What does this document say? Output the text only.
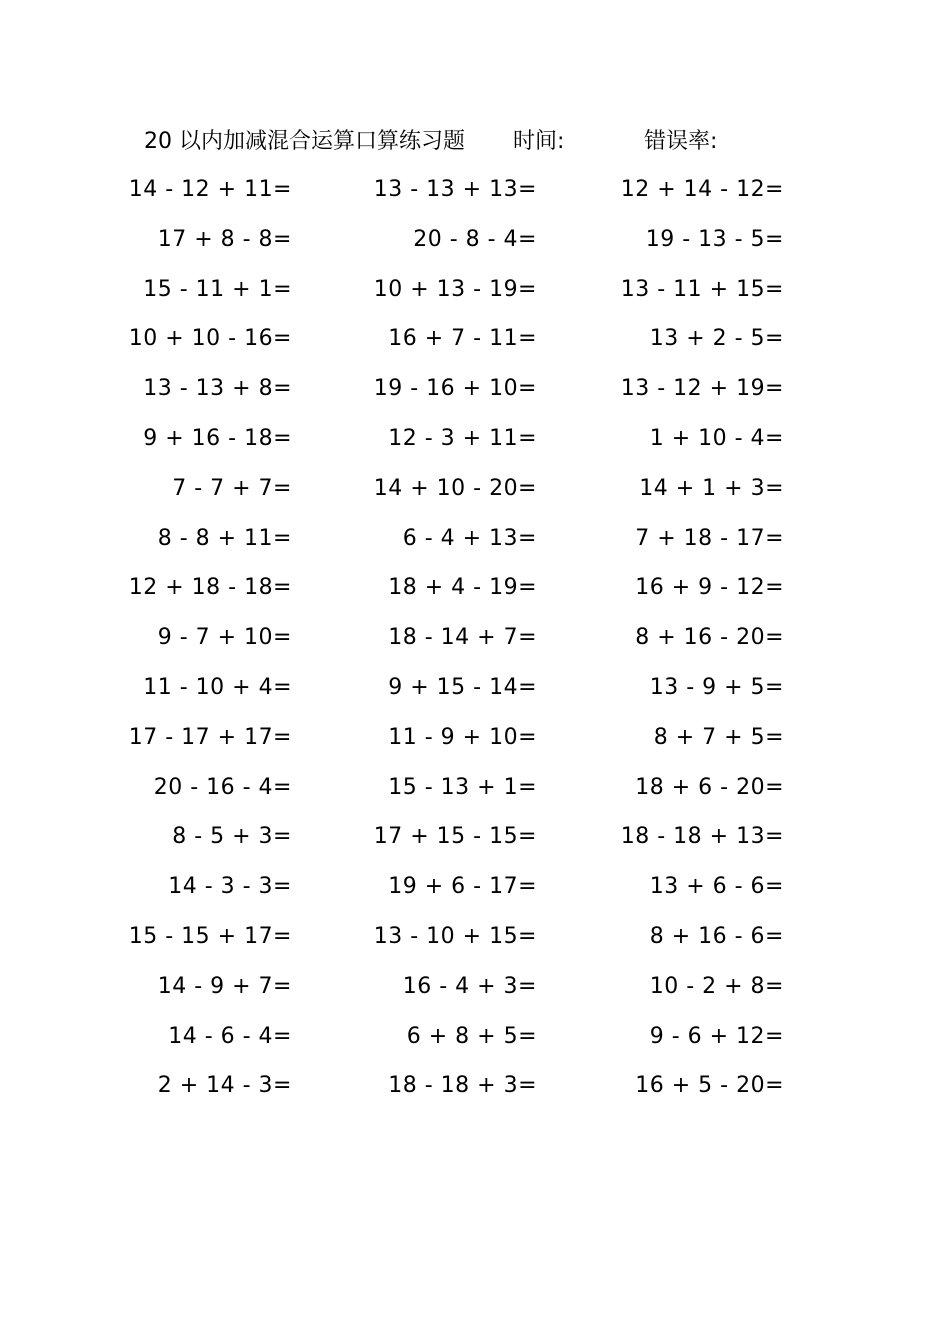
20 以内加减混合运算口算练习题 时间:	错误率:
14 - 12 + 11=	13 - 13 + 13=	12 + 14 - 12=
17 + 8 - 8=	20 - 8 - 4=	19 - 13 - 5=
15 - 11 + 1=	10 + 13 - 19=	13 - 11 + 15=
10 + 10 - 16=	16 + 7 - 11=	13 + 2 - 5=
13 - 13 + 8=	19 - 16 + 10=	13 - 12 + 19=
9 + 16 - 18=	12 - 3 + 11=	1 + 10 - 4=
7 - 7 + 7=	14 + 10 - 20=	14 + 1 + 3=
8 - 8 + 11=	6 - 4 + 13=	7 + 18 - 17=
12 + 18 - 18=	18 + 4 - 19=	16 + 9 - 12=
9 - 7 + 10=	18 - 14 + 7=	8 + 16 - 20=
11 - 10 + 4=	9 + 15 - 14=	13 - 9 + 5=
17 - 17 + 17=	11 - 9 + 10=	8 + 7 + 5=
20 - 16 - 4=	15 - 13 + 1=	18 + 6 - 20=
8 - 5 + 3=	17 + 15 - 15=	18 - 18 + 13=
14 - 3 - 3=	19 + 6 - 17=	13 + 6 - 6=
15 - 15 + 17=	13 - 10 + 15=	8 + 16 - 6=
14 - 9 + 7=	16 - 4 + 3=	10 - 2 + 8=
14 - 6 - 4=	6 + 8 + 5=	9 - 6 + 12=
2 + 14 - 3=	18 - 18 + 3=	16 + 5 - 20=
